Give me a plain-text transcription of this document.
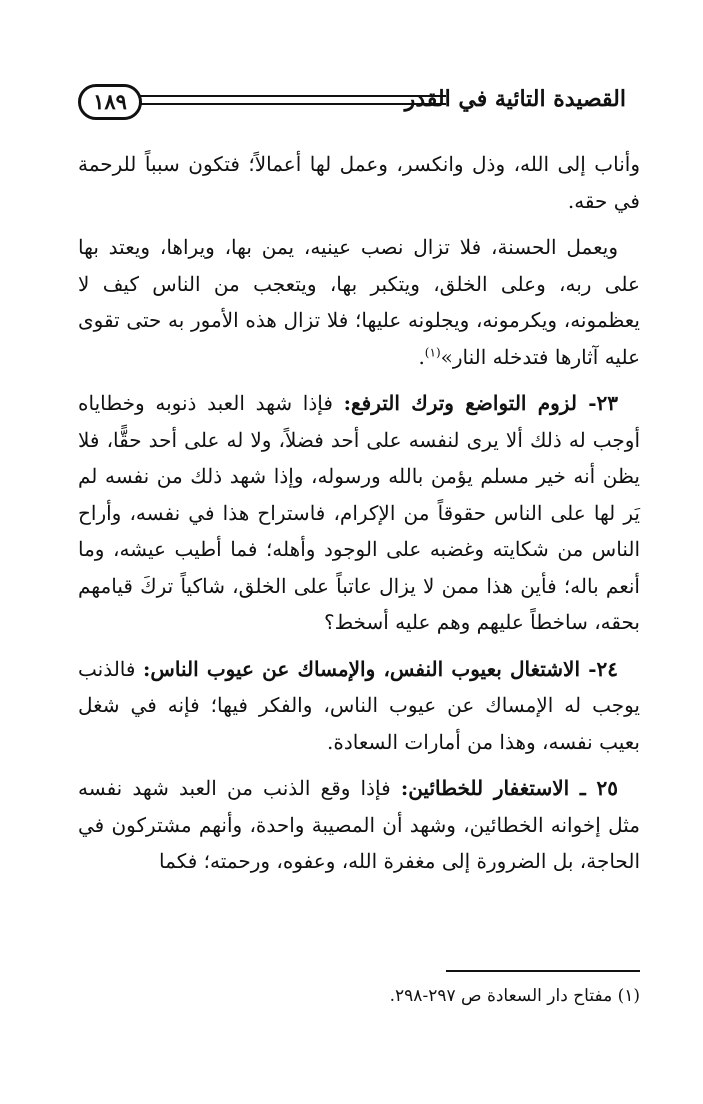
١٨٩	القصيدة التائية في القدر

وأناب إلى الله، وذل وانكسر، وعمل لها أعمالاً؛ فتكون سبباً للرحمة في حقه.

ويعمل الحسنة، فلا تزال نصب عينيه، يمن بها، ويراها، ويعتد بها على ربه، وعلى الخلق، ويتكبر بها، ويتعجب من الناس كيف لا يعظمونه، ويكرمونه، ويجلونه عليها؛ فلا تزال هذه الأمور به حتى تقوى عليه آثارها فتدخله النار»$^{(١)}$.

٢٣- لزوم التواضع وترك الترفع: فإذا شهد العبد ذنوبه وخطاياه أوجب له ذلك ألا يرى لنفسه على أحد فضلاً، ولا له على أحد حقًّا، فلا يظن أنه خير مسلم يؤمن بالله ورسوله، وإذا شهد ذلك من نفسه لم يَر لها على الناس حقوقاً من الإكرام، فاستراح هذا في نفسه، وأراح الناس من شكايته وغضبه على الوجود وأهله؛ فما أطيب عيشه، وما أنعم باله؛ فأين هذا ممن لا يزال عاتباً على الخلق، شاكياً تركَ قيامهم بحقه، ساخطاً عليهم وهم عليه أسخط؟

٢٤- الاشتغال بعيوب النفس، والإمساك عن عيوب الناس: فالذنب يوجب له الإمساك عن عيوب الناس، والفكر فيها؛ فإنه في شغل بعيب نفسه، وهذا من أمارات السعادة.

٢٥ ـ الاستغفار للخطائين: فإذا وقع الذنب من العبد شهد نفسه مثل إخوانه الخطائين، وشهد أن المصيبة واحدة، وأنهم مشتركون في الحاجة، بل الضرورة إلى مغفرة الله، وعفوه، ورحمته؛ فكما

(١) مفتاح دار السعادة ص ٢٩٧-٢٩٨.
